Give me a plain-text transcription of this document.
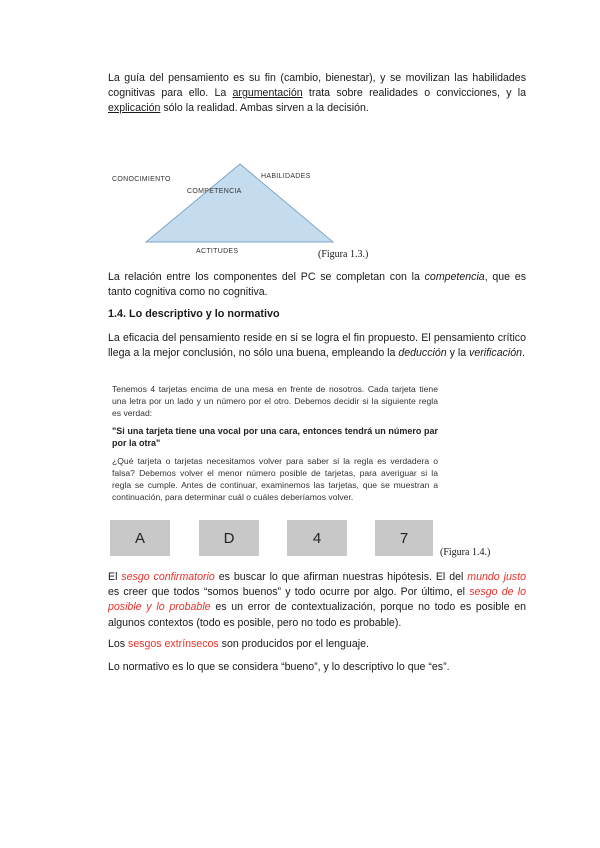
La guía del pensamiento es su fin (cambio, bienestar), y se movilizan las habilidades cognitivas para ello. La argumentación trata sobre realidades o convicciones, y la explicación sólo la realidad. Ambas sirven a la decisión.
CONOCIMIENTO	HABILIDADES
COMPETENCIA
ACTITUDES	(Figura 1.3.)
La relación entre los componentes del PC se completan con la competencia, que es tanto cognitiva como no cognitiva.
1.4. Lo descriptivo y lo normativo
La eficacia del pensamiento reside en si se logra el fin propuesto. El pensamiento crítico llega a la mejor conclusión, no sólo una buena, empleando la deducción y la verificación.

Tenemos 4 tarjetas encima de una mesa en frente de nosotros. Cada tarjeta tiene una letra por un lado y un número por el otro. Debemos decidir si la siguiente regla es verdad:

"Si una tarjeta tiene una vocal por una cara, entonces tendrá un número par por la otra"

¿Qué tarjeta o tarjetas necesitamos volver para saber si la regla es verdadera o falsa? Debemos volver el menor número posible de tarjetas, para averiguar si la regla se cumple. Antes de continuar, examinemos las tarjetas, que se muestran a continuación, para determinar cuál o cuáles deberíamos volver.

A	D	4	7
(Figura 1.4.)
El sesgo confirmatorio es buscar lo que afirman nuestras hipótesis. El del mundo justo es creer que todos “somos buenos” y todo ocurre por algo. Por último, el sesgo de lo posible y lo probable es un error de contextualización, porque no todo es posible en algunos contextos (todo es posible, pero no todo es probable).
Los sesgos extrínsecos son producidos por el lenguaje.
Lo normativo es lo que se considera “bueno”, y lo descriptivo lo que “es”.
